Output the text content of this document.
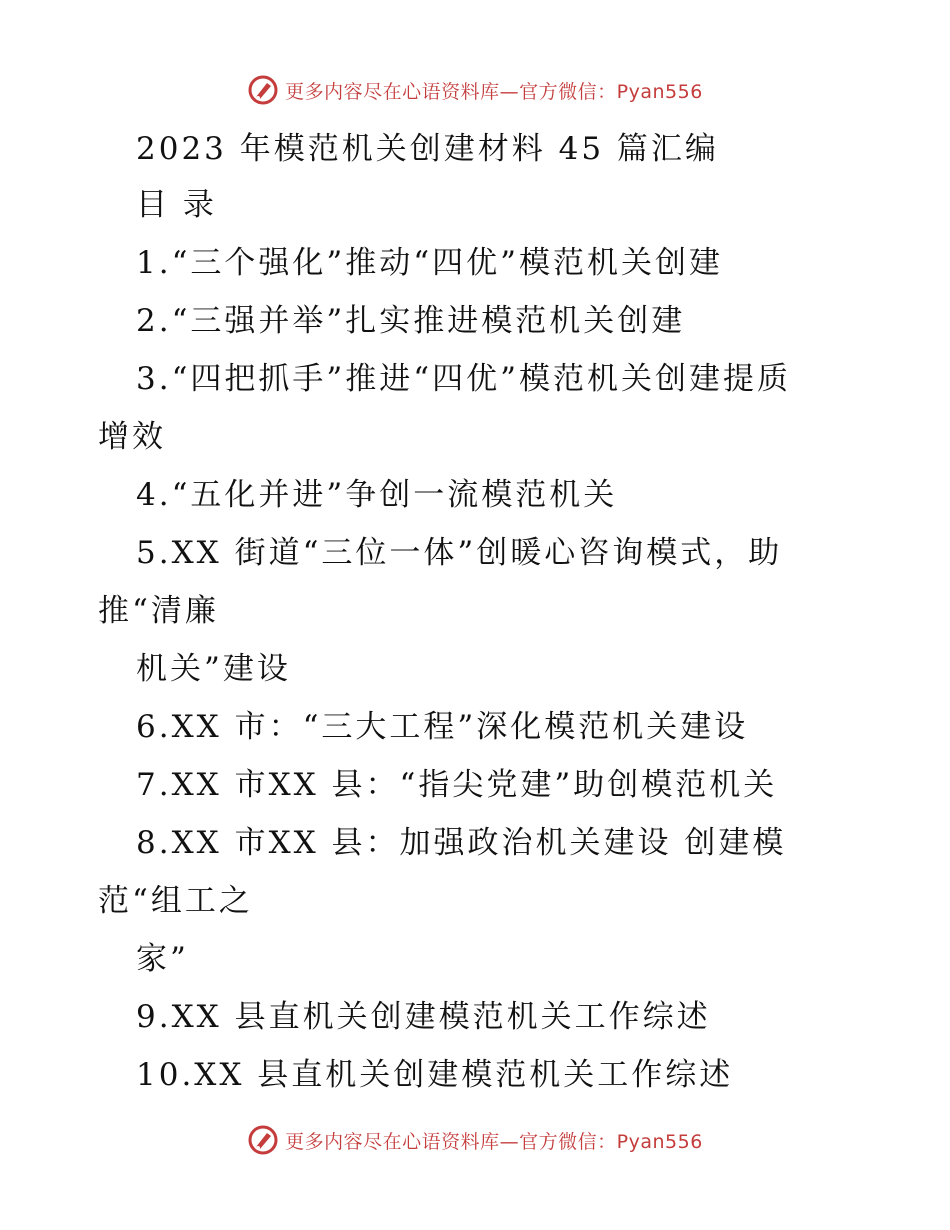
更多内容尽在心语资料库—官方微信：Pyan556
2023 年模范机关创建材料 45 篇汇编
目 录
1.“三个强化”推动“四优”模范机关创建
2.“三强并举”扎实推进模范机关创建
3.“四把抓手”推进“四优”模范机关创建提质
增效
4.“五化并进”争创一流模范机关
5.XX 街道“三位一体”创暖心咨询模式，助
推“清廉
机关”建设
6.XX 市：“三大工程”深化模范机关建设
7.XX 市XX 县：“指尖党建”助创模范机关
8.XX 市XX 县：加强政治机关建设 创建模
范“组工之
家”
9.XX 县直机关创建模范机关工作综述
10.XX 县直机关创建模范机关工作综述
更多内容尽在心语资料库—官方微信：Pyan556
